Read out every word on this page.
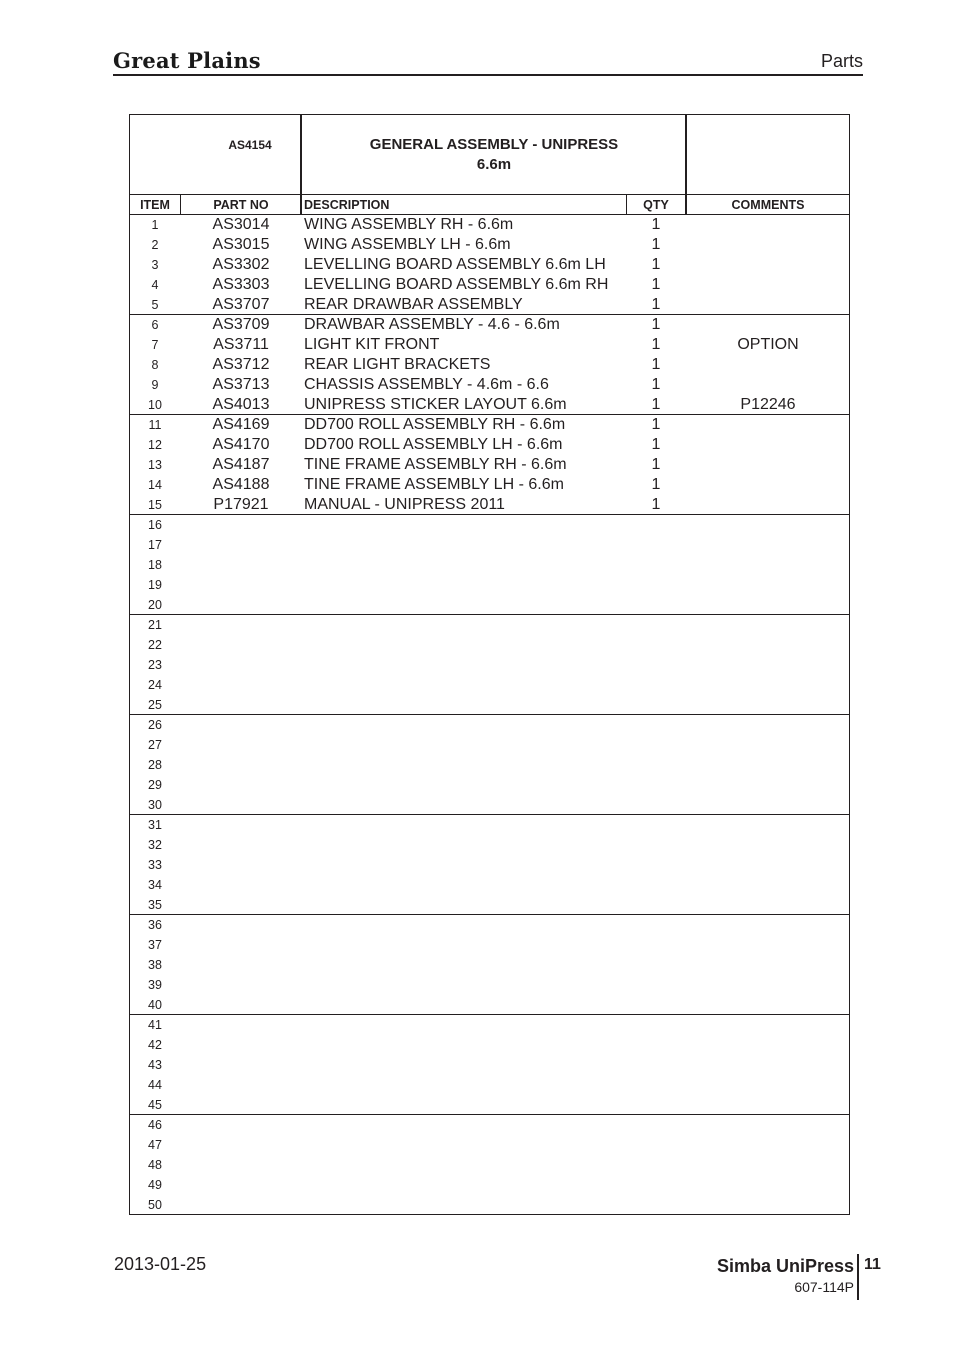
Great Plains	Parts
AS4154	GENERAL ASSEMBLY - UNIPRESS
6.6m
ITEM	PART NO	DESCRIPTION	QTY	COMMENTS
1	AS3014	WING ASSEMBLY RH - 6.6m	1
2	AS3015	WING ASSEMBLY LH - 6.6m	1
3	AS3302	LEVELLING BOARD ASSEMBLY 6.6m LH	1
4	AS3303	LEVELLING BOARD ASSEMBLY 6.6m RH	1
5	AS3707	REAR DRAWBAR ASSEMBLY	1
6	AS3709	DRAWBAR ASSEMBLY - 4.6 - 6.6m	1
7	AS3711	LIGHT KIT FRONT	1	OPTION
8	AS3712	REAR LIGHT BRACKETS	1
9	AS3713	CHASSIS ASSEMBLY - 4.6m - 6.6	1
10	AS4013	UNIPRESS STICKER LAYOUT 6.6m	1	P12246
11	AS4169	DD700 ROLL ASSEMBLY RH - 6.6m	1
12	AS4170	DD700 ROLL ASSEMBLY LH - 6.6m	1
13	AS4187	TINE FRAME ASSEMBLY RH - 6.6m	1
14	AS4188	TINE FRAME ASSEMBLY LH - 6.6m	1
15	P17921	MANUAL - UNIPRESS 2011	1
16
17
18
19
20
21
22
23
24
25
26
27
28
29
30
31
32
33
34
35
36
37
38
39
40
41
42
43
44
45
46
47
48
49
50
2013-01-25	Simba UniPress
607-114P
11
